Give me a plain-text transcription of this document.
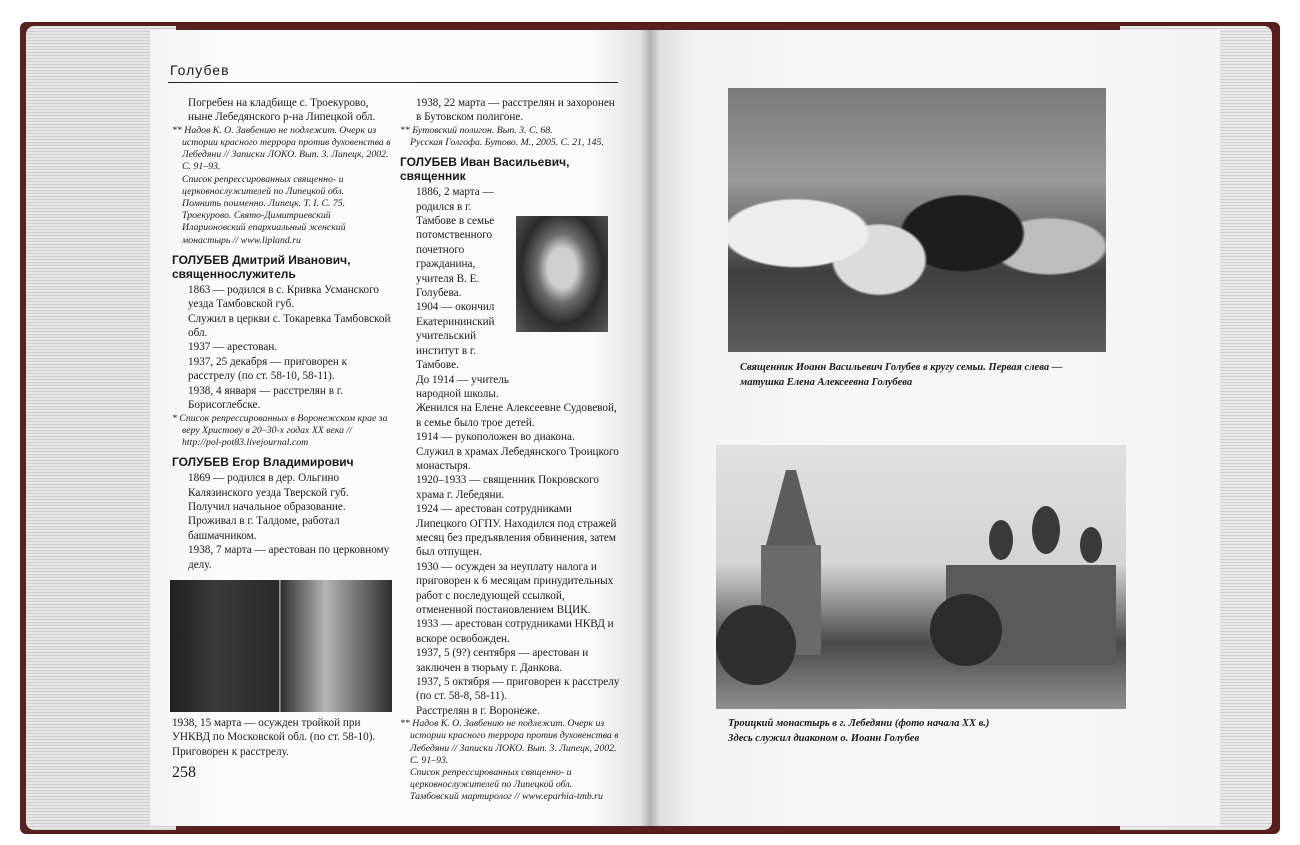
Голубев

Погребен на кладбище с. Троекурово, ныне Лебедянского р-на Липецкой обл.

** Надов К. О. Завбению не подлежит. Очерк из истории красного террора против духовенства в Лебедяни // Записки ЛОКО. Вып. 3. Липецк, 2002. С. 91–93.

Список репрессированных священно- и церковнослужителей по Липецкой обл.

Помнить поименно. Липецк. Т. I. С. 75.

Троекурово. Свято-Димитриевский Иларионовский епархиальный женский монастырь // www.lipland.ru

ГОЛУБЕВ Дмитрий Иванович, священнослужитель

1863 — родился в с. Кривка Усманского уезда Тамбовской губ.

Служил в церкви с. Токаревка Тамбовской обл.

1937 — арестован.

1937, 25 декабря — приговорен к расстрелу (по ст. 58-10, 58-11).

1938, 4 января — расстрелян в г. Борисоглебске.

* Список репрессированных в Воронежском крае за веру Христову в 20–30-х годах ХХ века // http://pol-pot83.livejournal.com

ГОЛУБЕВ Егор Владимирович

1869 — родился в дер. Ольгино Калязинского уезда Тверской губ.

Получил начальное образование. Проживал в г. Талдоме, работал башмачником.

1938, 7 марта — арестован по церковному делу.

1938, 15 марта — осужден тройкой при УНКВД по Московской обл. (по ст. 58-10). Приговорен к расстрелу.
258

1938, 22 марта — расстрелян и захоронен в Бутовском полигоне.

** Бутовский полигон. Вып. 3. С. 68.

Русская Голгофа. Бутово. М., 2005. С. 21, 145.

ГОЛУБЕВ Иван Васильевич, священник

1886, 2 марта — родился в г. Тамбове в семье потомственного почетного гражданина, учителя В. Е. Голубева.

1904 — окончил Екатерининский учительский институт в г. Тамбове.

До 1914 — учитель народной школы.

Женился на Елене Алексеевне Судовевой, в семье было трое детей.

1914 — рукоположен во диакона.

Служил в храмах Лебедянского Троицкого монастыря.

1920–1933 — священник Покровского храма г. Лебедяни.

1924 — арестован сотрудниками Липецкого ОГПУ. Находился под стражей месяц без предъявления обвинения, затем был отпущен.

1930 — осужден за неуплату налога и приговорен к 6 месяцам принудительных работ с последующей ссылкой, отмененной постановлением ВЦИК.

1933 — арестован сотрудниками НКВД и вскоре освобожден.

1937, 5 (9?) сентября — арестован и заключен в тюрьму г. Данкова.

1937, 5 октября — приговорен к расстрелу (по ст. 58-8, 58-11).

Расстрелян в г. Воронеже.

** Надов К. О. Завбению не подлежит. Очерк из истории красного террора против духовенства в Лебедяни // Записки ЛОКО. Вып. 3. Липецк, 2002. С. 91–93.

Список репрессированных священно- и церковнослужителей по Липецкой обл.

Тамбовский мартиролог // www.eparhia-tmb.ru

Священник Иоанн Васильевич Голубев в кругу семьи. Первая слева — матушка Елена Алексеевна Голубева
Троицкий монастырь в г. Лебедяни (фото начала ХХ в.)
Здесь служил диаконом о. Иоанн Голубев
